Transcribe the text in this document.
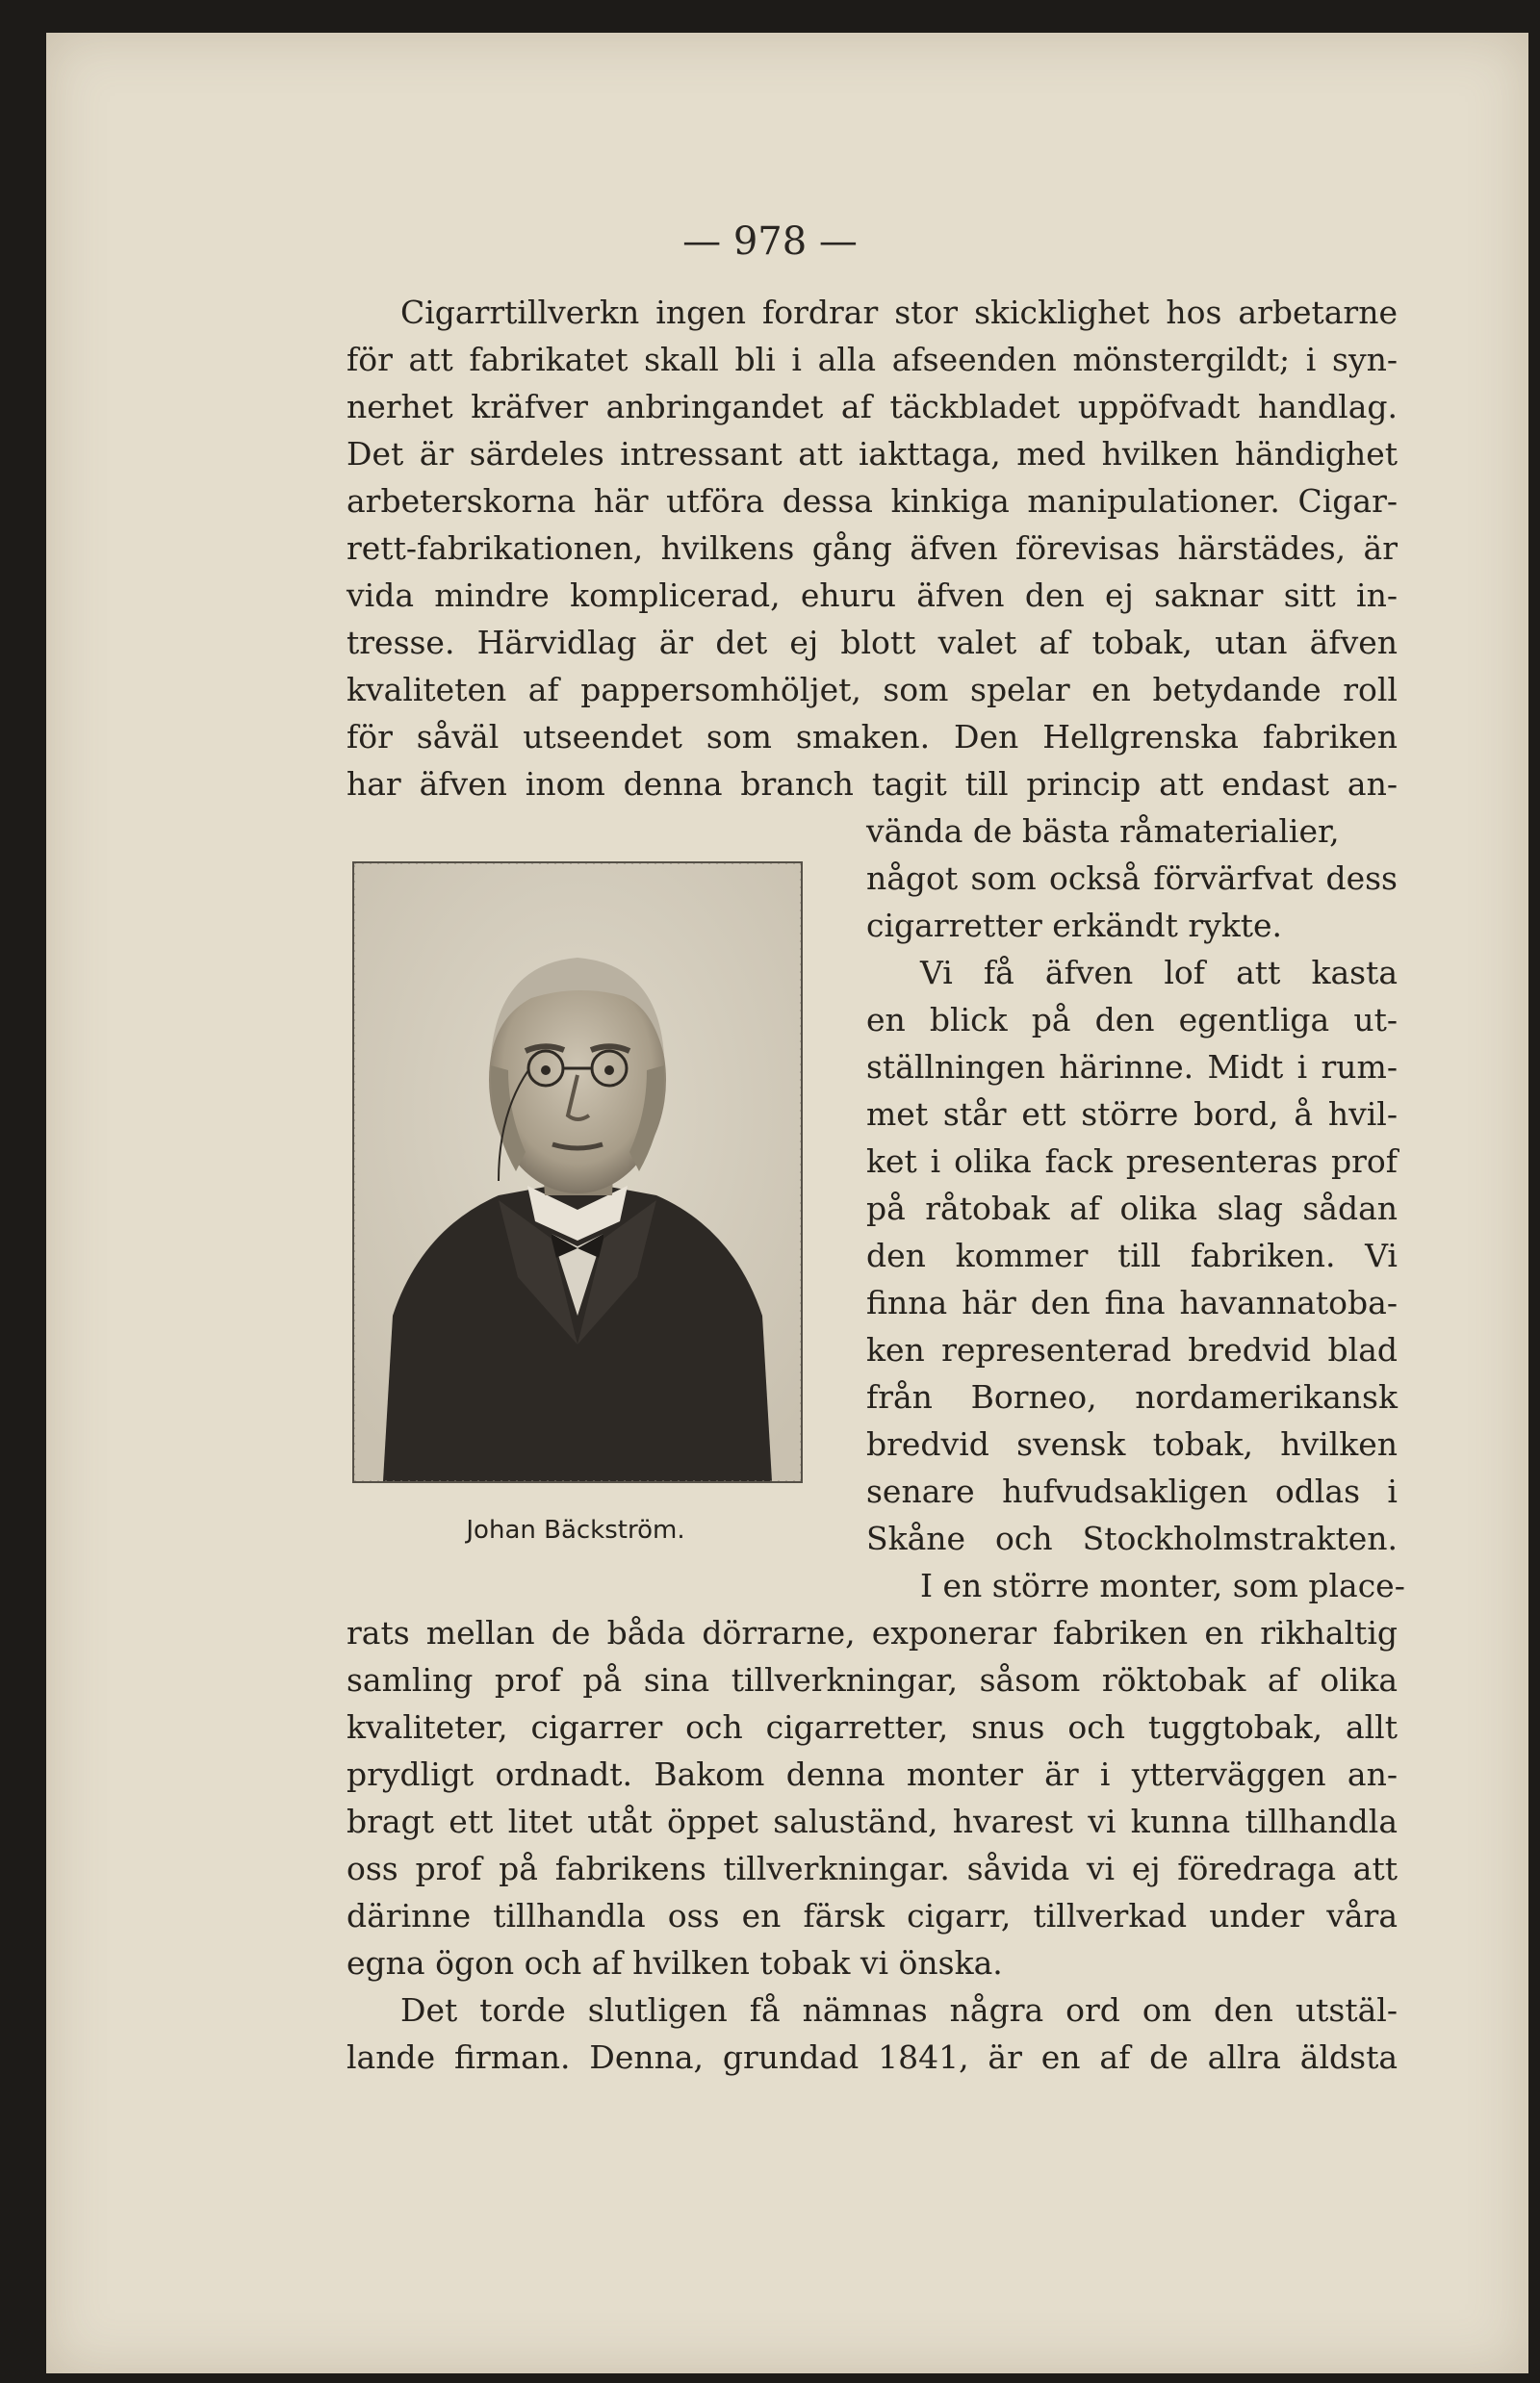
— 978 —
Cigarrtillverkn ingen fordrar stor skicklighet hos arbetarne
för att fabrikatet skall bli i alla afseenden mönstergildt; i syn-
nerhet kräfver anbringandet af täckbladet uppöfvadt handlag.
Det är särdeles intressant att iakttaga, med hvilken händighet
arbeterskorna här utföra dessa kinkiga manipulationer. Cigar-
rett-fabrikationen, hvilkens gång äfven förevisas härstädes, är
vida mindre komplicerad, ehuru äfven den ej saknar sitt in-
tresse. Härvidlag är det ej blott valet af tobak, utan äfven
kvaliteten af pappersomhöljet, som spelar en betydande roll
för såväl utseendet som smaken. Den Hellgrenska fabriken
har äfven inom denna branch tagit till princip att endast an-
vända de bästa råmaterialier,
något som också förvärfvat dess
cigarretter erkändt rykte.
Vi få äfven lof att kasta
en blick på den egentliga ut-
ställningen härinne. Midt i rum-
met står ett större bord, å hvil-
ket i olika fack presenteras prof
på råtobak af olika slag sådan
den kommer till fabriken. Vi
finna här den fina havannatoba-
ken representerad bredvid blad
från Borneo, nordamerikansk
bredvid svensk tobak, hvilken
senare hufvudsakligen odlas i
Skåne och Stockholmstrakten.
I en större monter, som place-
rats mellan de båda dörrarne, exponerar fabriken en rikhaltig
samling prof på sina tillverkningar, såsom röktobak af olika
kvaliteter, cigarrer och cigarretter, snus och tuggtobak, allt
prydligt ordnadt. Bakom denna monter är i ytterväggen an-
bragt ett litet utåt öppet saluständ, hvarest vi kunna tillhandla
oss prof på fabrikens tillverkningar. såvida vi ej föredraga att
därinne tillhandla oss en färsk cigarr, tillverkad under våra
egna ögon och af hvilken tobak vi önska.
Det torde slutligen få nämnas några ord om den utstäl-
lande firman. Denna, grundad 1841, är en af de allra äldsta
Johan Bäckström.
